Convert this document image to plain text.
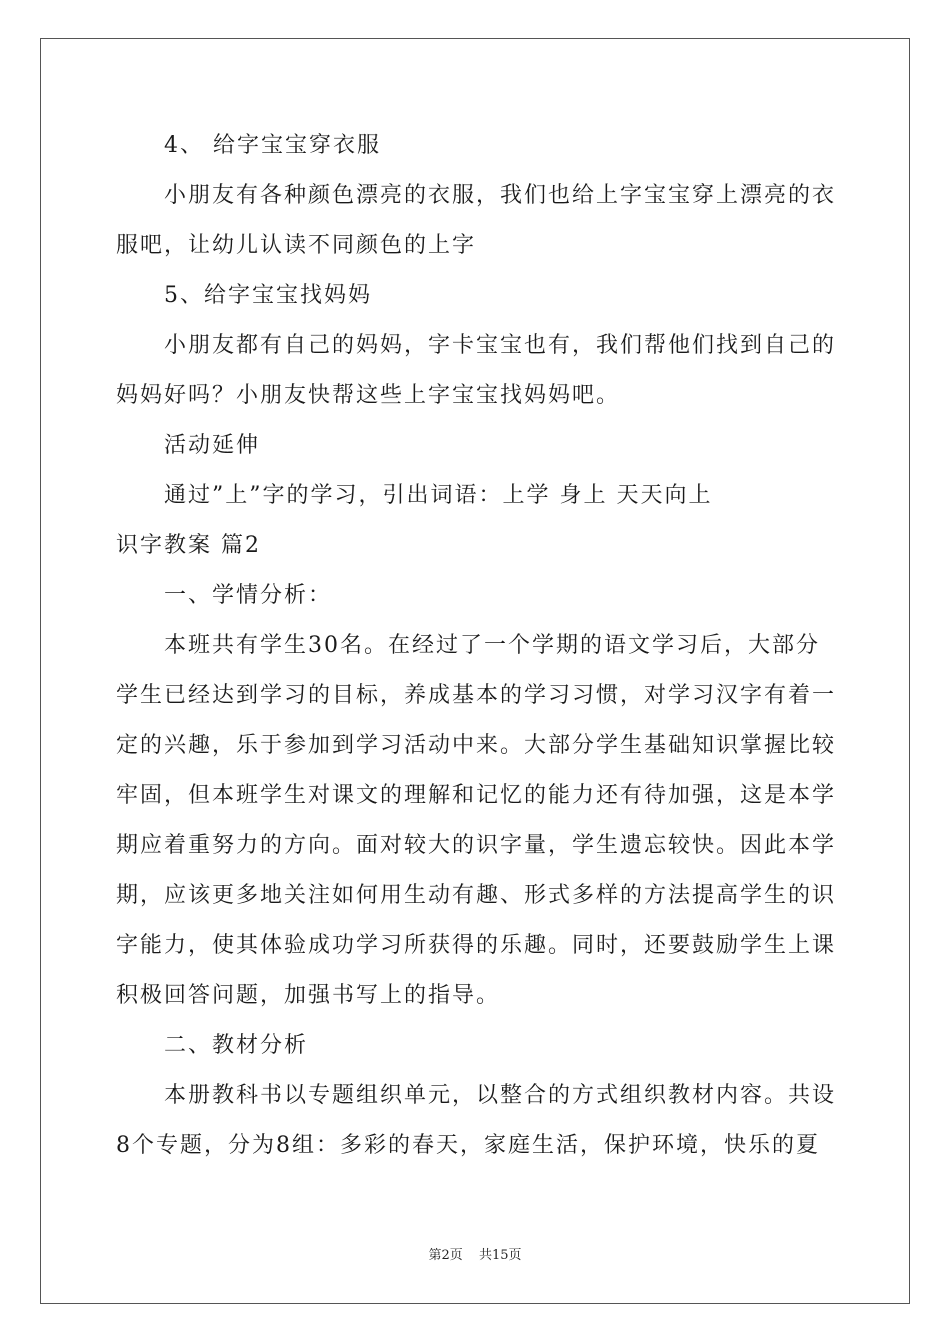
4、 给字宝宝穿衣服
小朋友有各种颜色漂亮的衣服，我们也给上字宝宝穿上漂亮的衣
服吧，让幼儿认读不同颜色的上字
5、给字宝宝找妈妈
小朋友都有自己的妈妈，字卡宝宝也有，我们帮他们找到自己的
妈妈好吗？小朋友快帮这些上字宝宝找妈妈吧。
活动延伸
通过”上”字的学习，引出词语：上学 身上 天天向上
识字教案 篇2
一、学情分析：
本班共有学生30名。在经过了一个学期的语文学习后，大部分
学生已经达到学习的目标，养成基本的学习习惯，对学习汉字有着一
定的兴趣，乐于参加到学习活动中来。大部分学生基础知识掌握比较
牢固，但本班学生对课文的理解和记忆的能力还有待加强，这是本学
期应着重努力的方向。面对较大的识字量，学生遗忘较快。因此本学
期，应该更多地关注如何用生动有趣、形式多样的方法提高学生的识
字能力，使其体验成功学习所获得的乐趣。同时，还要鼓励学生上课
积极回答问题，加强书写上的指导。
二、教材分析
本册教科书以专题组织单元，以整合的方式组织教材内容。共设
8个专题，分为8组：多彩的春天，家庭生活，保护环境，快乐的夏
第2页 共15页
